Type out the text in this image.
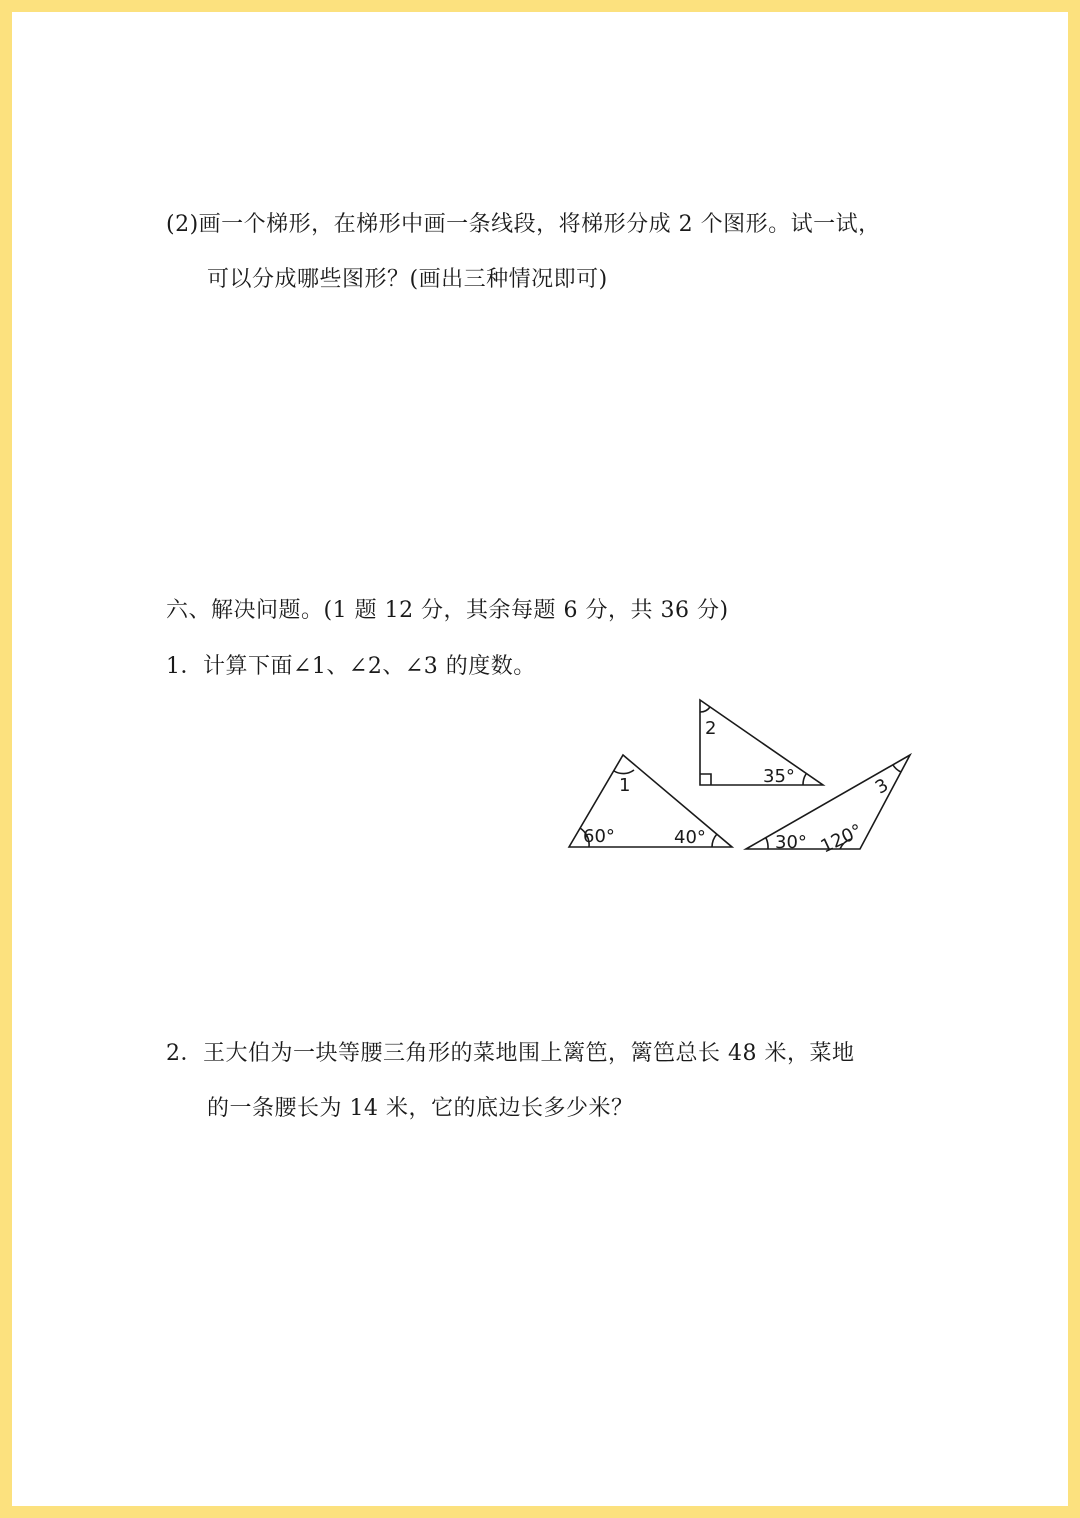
(2)画一个梯形，在梯形中画一条线段，将梯形分成 2 个图形。试一试，
可以分成哪些图形？(画出三种情况即可)
六、解决问题。(1 题 12 分，其余每题 6 分，共 36 分)
1．计算下面∠1、∠2、∠3 的度数。
1
60°	40°
2
35°	3
30° 120°
2．王大伯为一块等腰三角形的菜地围上篱笆，篱笆总长 48 米，菜地
的一条腰长为 14 米，它的底边长多少米？
